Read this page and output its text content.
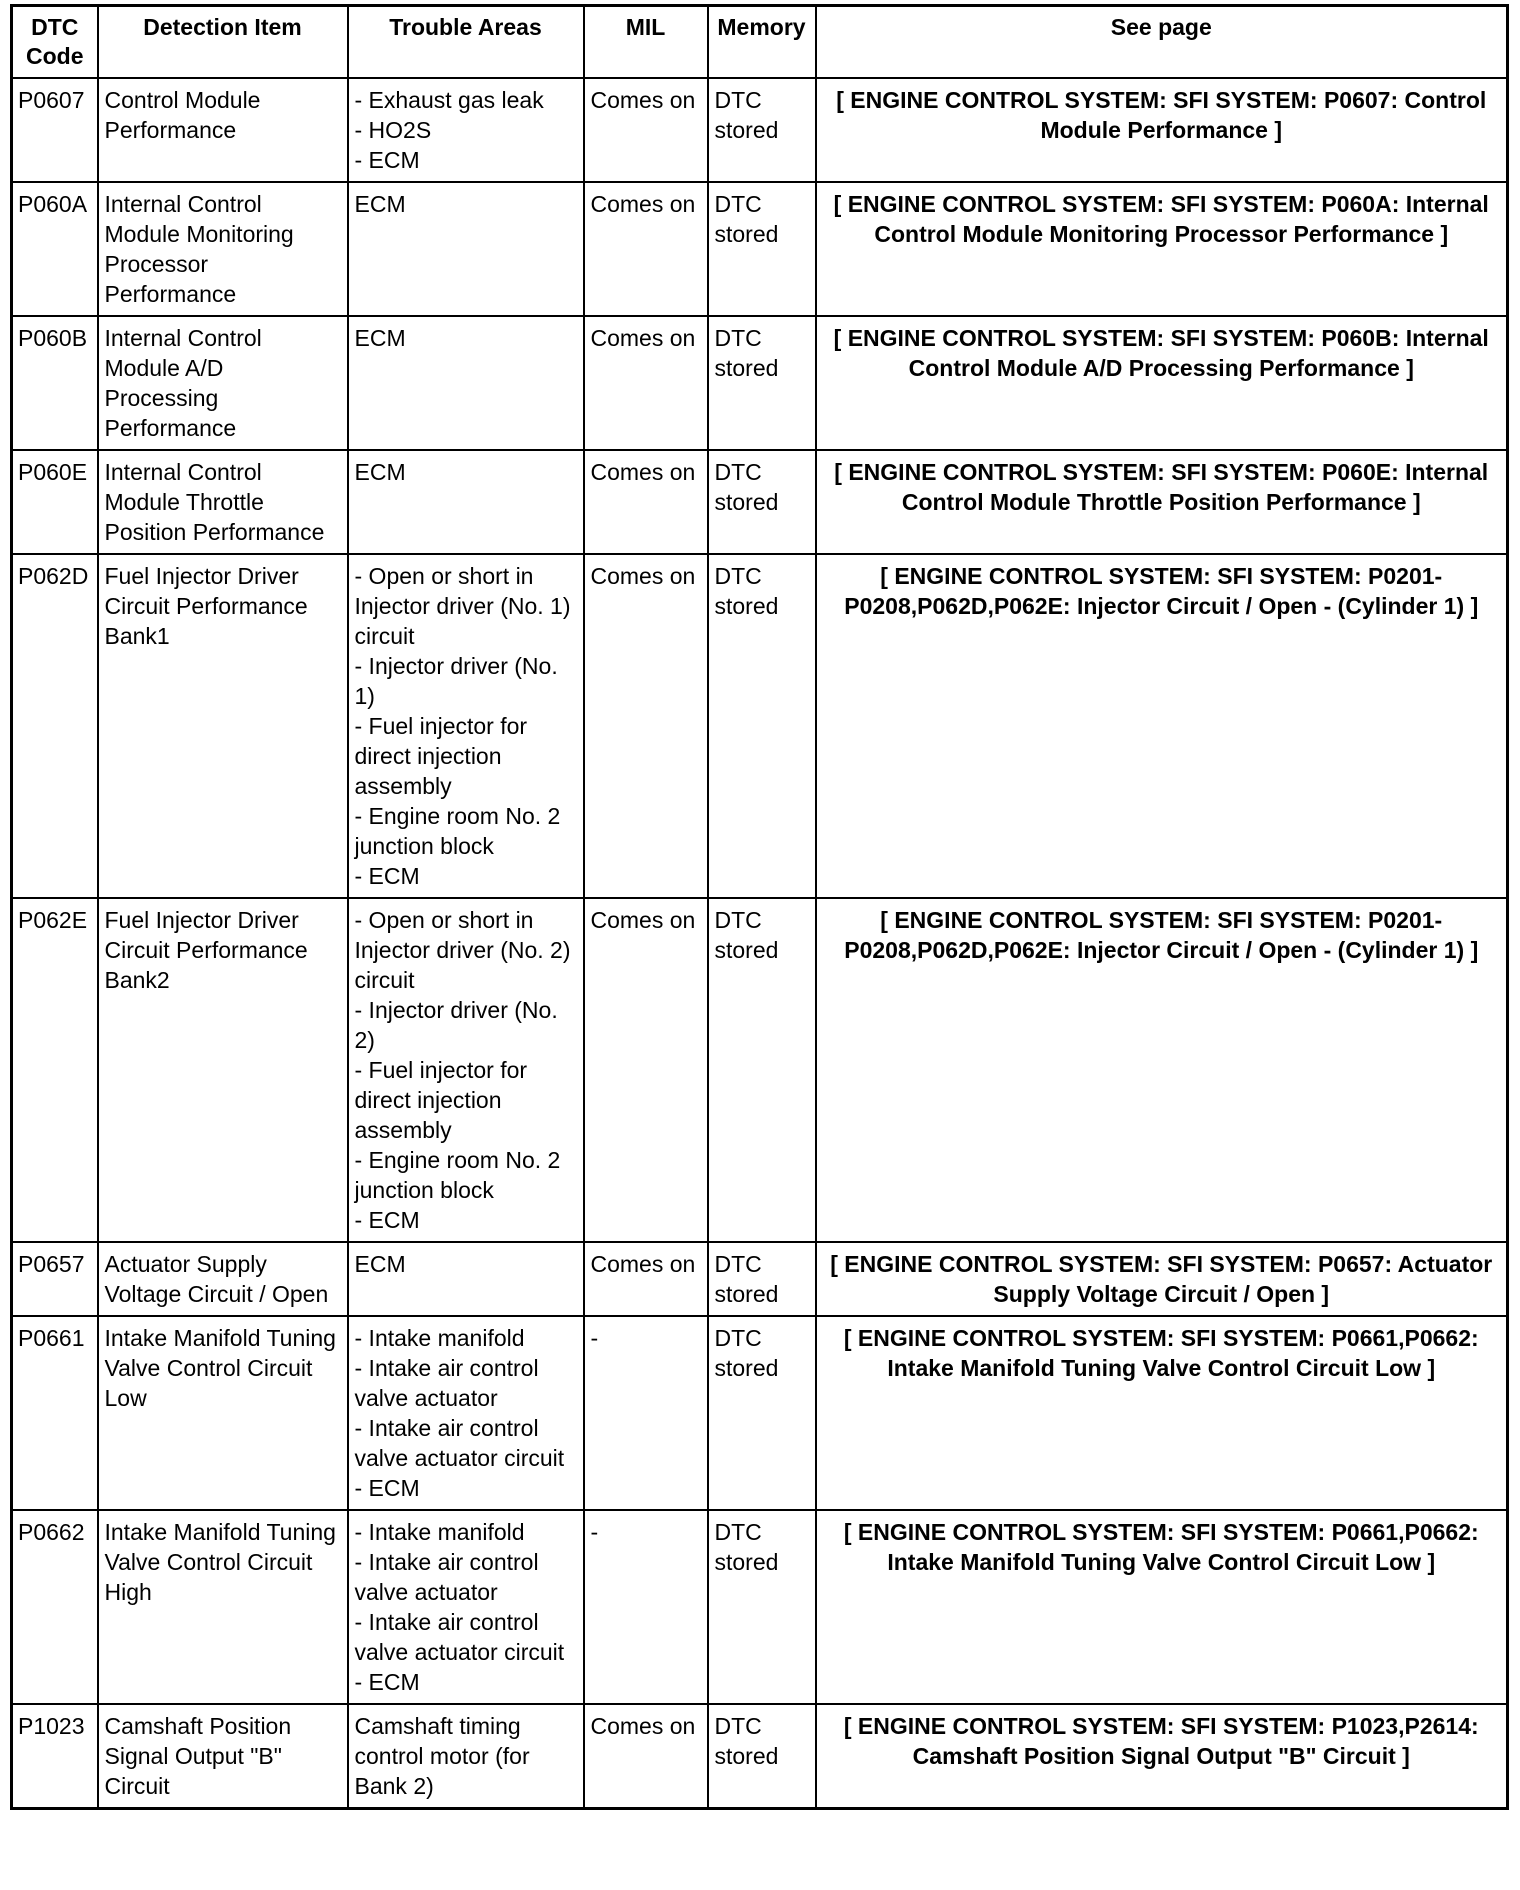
DTC Code	Detection Item	Trouble Areas	MIL	Memory	See page
P0607	Control Module Performance	- Exhaust gas leak
- HO2S
- ECM	Comes on	DTC stored	[ ENGINE CONTROL SYSTEM: SFI SYSTEM: P0607: Control Module Performance ]
P060A	Internal Control Module Monitoring Processor Performance	ECM	Comes on	DTC stored	[ ENGINE CONTROL SYSTEM: SFI SYSTEM: P060A: Internal Control Module Monitoring Processor Performance ]
P060B	Internal Control Module A/D Processing Performance	ECM	Comes on	DTC stored	[ ENGINE CONTROL SYSTEM: SFI SYSTEM: P060B: Internal Control Module A/D Processing Performance ]
P060E	Internal Control Module Throttle Position Performance	ECM	Comes on	DTC stored	[ ENGINE CONTROL SYSTEM: SFI SYSTEM: P060E: Internal Control Module Throttle Position Performance ]
P062D	Fuel Injector Driver Circuit Performance Bank1	- Open or short in Injector driver (No. 1) circuit
- Injector driver (No. 1)
- Fuel injector for direct injection assembly
- Engine room No. 2 junction block
- ECM	Comes on	DTC stored	[ ENGINE CONTROL SYSTEM: SFI SYSTEM: P0201-P0208,P062D,P062E: Injector Circuit / Open - (Cylinder 1) ]
P062E	Fuel Injector Driver Circuit Performance Bank2	- Open or short in Injector driver (No. 2) circuit
- Injector driver (No. 2)
- Fuel injector for direct injection assembly
- Engine room No. 2 junction block
- ECM	Comes on	DTC stored	[ ENGINE CONTROL SYSTEM: SFI SYSTEM: P0201-P0208,P062D,P062E: Injector Circuit / Open - (Cylinder 1) ]
P0657	Actuator Supply Voltage Circuit / Open	ECM	Comes on	DTC stored	[ ENGINE CONTROL SYSTEM: SFI SYSTEM: P0657: Actuator Supply Voltage Circuit / Open ]
P0661	Intake Manifold Tuning Valve Control Circuit Low	- Intake manifold
- Intake air control valve actuator
- Intake air control valve actuator circuit
- ECM	-	DTC stored	[ ENGINE CONTROL SYSTEM: SFI SYSTEM: P0661,P0662: Intake Manifold Tuning Valve Control Circuit Low ]
P0662	Intake Manifold Tuning Valve Control Circuit High	- Intake manifold
- Intake air control valve actuator
- Intake air control valve actuator circuit
- ECM	-	DTC stored	[ ENGINE CONTROL SYSTEM: SFI SYSTEM: P0661,P0662: Intake Manifold Tuning Valve Control Circuit Low ]
P1023	Camshaft Position Signal Output "B" Circuit	Camshaft timing control motor (for Bank 2)	Comes on	DTC stored	[ ENGINE CONTROL SYSTEM: SFI SYSTEM: P1023,P2614: Camshaft Position Signal Output "B" Circuit ]
